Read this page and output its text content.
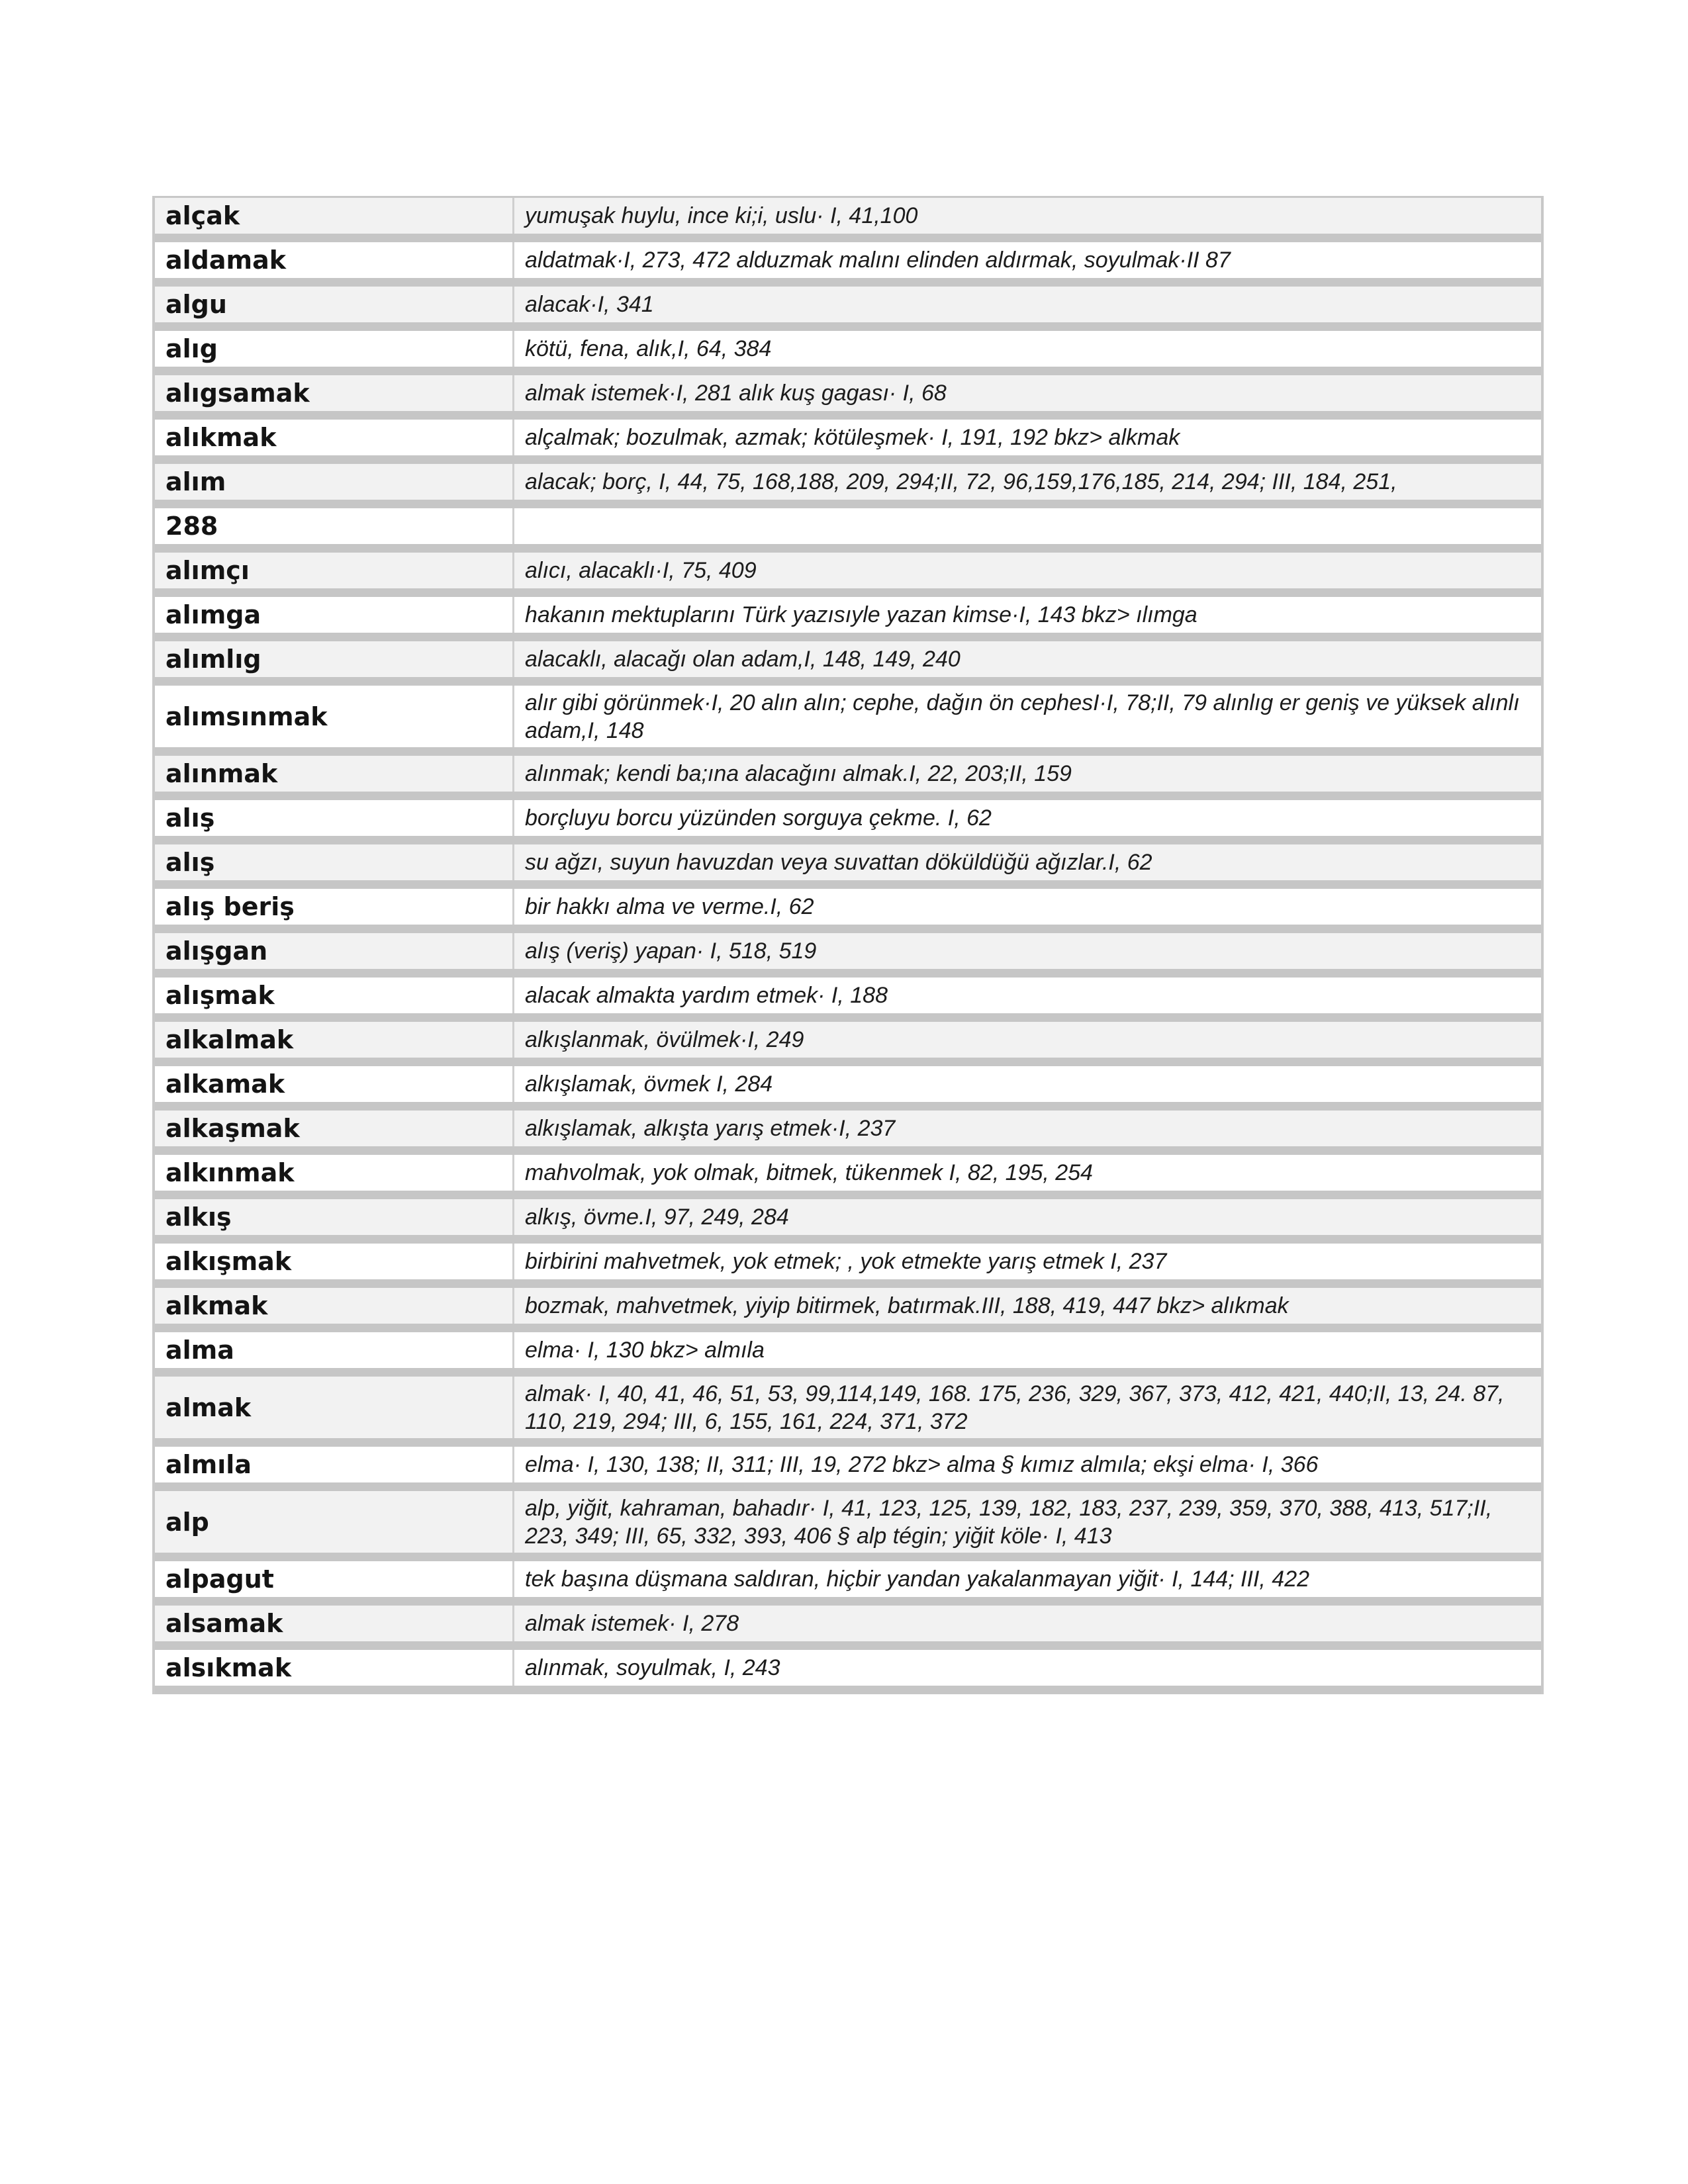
alçak	yumuşak huylu, ince ki;i, uslu· I, 41,100
aldamak	aldatmak·I, 273, 472 alduzmak malını elinden aldırmak, soyulmak·II 87
algu	alacak·I, 341
alıg	kötü, fena, alık,I, 64, 384
alıgsamak	almak istemek·I, 281 alık kuş gagası· I, 68
alıkmak	alçalmak; bozulmak, azmak; kötüleşmek· I, 191, 192 bkz> alkmak
alım	alacak; borç, I, 44, 75, 168,188, 209, 294;II, 72, 96,159,176,185, 214, 294; III, 184, 251,
288
alımçı	alıcı, alacaklı·I, 75, 409
alımga	hakanın mektuplarını Türk yazısıyle yazan kimse·I, 143 bkz> ılımga
alımlıg	alacaklı, alacağı olan adam,I, 148, 149, 240
alımsınmak	alır gibi görünmek·I, 20 alın alın; cephe, dağın ön cephesI·I, 78;II, 79 alınlıg er geniş ve yüksek alınlı adam,I, 148
alınmak	alınmak; kendi ba;ına alacağını almak.I, 22, 203;II, 159
alış	borçluyu borcu yüzünden sorguya çekme. I, 62
alış	su ağzı, suyun havuzdan veya suvattan döküldüğü ağızlar.I, 62
alış beriş	bir hakkı alma ve verme.I, 62
alışgan	alış (veriş) yapan· I, 518, 519
alışmak	alacak almakta yardım etmek· I, 188
alkalmak	alkışlanmak, övülmek·I, 249
alkamak	alkışlamak, övmek I, 284
alkaşmak	alkışlamak, alkışta yarış etmek·I, 237
alkınmak	mahvolmak, yok olmak, bitmek, tükenmek I, 82, 195, 254
alkış	alkış, övme.I, 97, 249, 284
alkışmak	birbirini mahvetmek, yok etmek; , yok etmekte yarış etmek I, 237
alkmak	bozmak, mahvetmek, yiyip bitirmek, batırmak.III, 188, 419, 447 bkz> alıkmak
alma	elma· I, 130 bkz> almıla
almak	almak· I, 40, 41, 46, 51, 53, 99,114,149, 168. 175, 236, 329, 367, 373, 412, 421, 440;II, 13, 24. 87, 110, 219, 294; III, 6, 155, 161, 224, 371, 372
almıla	elma· I, 130, 138; II, 311; III, 19, 272 bkz> alma § kımız almıla; ekşi elma· I, 366
alp	alp, yiğit, kahraman, bahadır· I, 41, 123, 125, 139, 182, 183, 237, 239, 359, 370, 388, 413, 517;II, 223, 349; III, 65, 332, 393, 406 § alp tégin; yiğit köle· I, 413
alpagut	tek başına düşmana saldıran, hiçbir yandan yakalanmayan yiğit· I, 144; III, 422
alsamak	almak istemek· I, 278
alsıkmak	alınmak, soyulmak, I, 243
